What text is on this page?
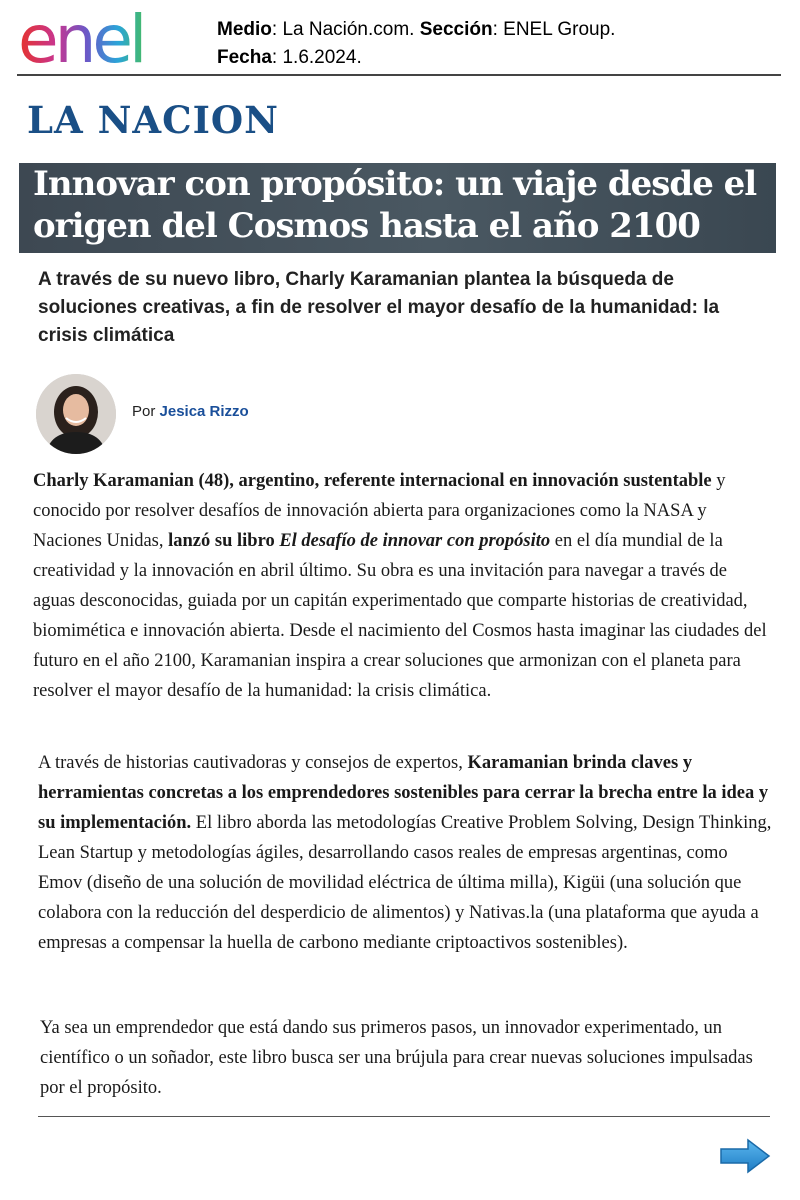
enel	Medio: La Nación.com. Sección: ENEL Group.
Fecha: 1.6.2024.
LA NACION
Innovar con propósito: un viaje desde el origen del Cosmos hasta el año 2100
A través de su nuevo libro, Charly Karamanian plantea la búsqueda de soluciones creativas, a fin de resolver el mayor desafío de la humanidad: la crisis climática
Por Jesica Rizzo
Charly Karamanian (48), argentino, referente internacional en innovación sustentable y conocido por resolver desafíos de innovación abierta para organizaciones como la NASA y Naciones Unidas, lanzó su libro El desafío de innovar con propósito en el día mundial de la creatividad y la innovación en abril último. Su obra es una invitación para navegar a través de aguas desconocidas, guiada por un capitán experimentado que comparte historias de creatividad, biomimética e innovación abierta. Desde el nacimiento del Cosmos hasta imaginar las ciudades del futuro en el año 2100, Karamanian inspira a crear soluciones que armonizan con el planeta para resolver el mayor desafío de la humanidad: la crisis climática.
A través de historias cautivadoras y consejos de expertos, Karamanian brinda claves y herramientas concretas a los emprendedores sostenibles para cerrar la brecha entre la idea y su implementación. El libro aborda las metodologías Creative Problem Solving, Design Thinking, Lean Startup y metodologías ágiles, desarrollando casos reales de empresas argentinas, como Emov (diseño de una solución de movilidad eléctrica de última milla), Kigüi (una solución que colabora con la reducción del desperdicio de alimentos) y Nativas.la (una plataforma que ayuda a empresas a compensar la huella de carbono mediante criptoactivos sostenibles).
Ya sea un emprendedor que está dando sus primeros pasos, un innovador experimentado, un científico o un soñador, este libro busca ser una brújula para crear nuevas soluciones impulsadas por el propósito.
